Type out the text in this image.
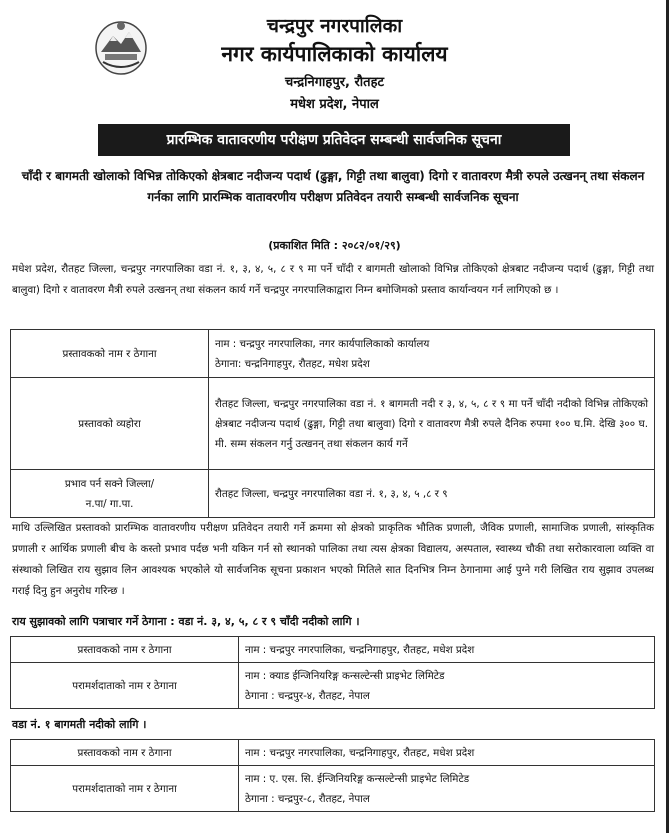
चन्द्रपुर नगरपालिका
नगर कार्यपालिकाको कार्यालय
चन्द्रनिगाहपुर, रौतहट
मधेश प्रदेश, नेपाल
प्रारम्भिक वातावरणीय परीक्षण प्रतिवेदन सम्बन्धी सार्वजनिक सूचना
चाँदी र बागमती खोलाको विभिन्न तोकिएको क्षेत्रबाट नदीजन्य पदार्थ (ढुङ्गा, गिट्टी तथा बालुवा) दिगो र वातावरण मैत्री रुपले उत्खनन् तथा संकलन गर्नका लागि प्रारम्भिक वातावरणीय परीक्षण प्रतिवेदन तयारी सम्बन्धी सार्वजनिक सूचना
(प्रकाशित मिति : २०८२/०१/२९)
मधेश प्रदेश, रौतहट जिल्ला, चन्द्रपुर नगरपालिका वडा नं. १, ३, ४, ५, ८ र ९ मा पर्ने चाँदी र बागमती खोलाको विभिन्न तोकिएको क्षेत्रबाट नदीजन्य पदार्थ (ढुङ्गा, गिट्टी तथा बालुवा) दिगो र वातावरण मैत्री रुपले उत्खनन् तथा संकलन कार्य गर्ने चन्द्रपुर नगरपालिकाद्वारा निम्न बमोजिमको प्रस्ताव कार्यान्वयन गर्न लागिएको छ ।
प्रस्तावकको नाम र ठेगाना	नाम : चन्द्रपुर नगरपालिका, नगर कार्यपालिकाको कार्यालय
ठेगाना: चन्द्रनिगाहपुर, रौतहट, मधेश प्रदेश

प्रस्तावको व्यहोरा	रौतहट जिल्ला, चन्द्रपुर नगरपालिका वडा नं. १ बागमती नदी र ३, ४, ५, ८ र ९ मा पर्ने चाँदी नदीको विभिन्न तोकिएको क्षेत्रबाट नदीजन्य पदार्थ (ढुङ्गा, गिट्टी तथा बालुवा) दिगो र वातावरण मैत्री रुपले दैनिक रुपमा १०० घ.मि. देखि ३०० घ. मी. सम्म संकलन गर्नु उत्खनन् तथा संकलन कार्य गर्ने

प्रभाव पर्न सक्ने जिल्ला/
न.पा/ गा.पा.	रौतहट जिल्ला, चन्द्रपुर नगरपालिका वडा नं. १, ३, ४, ५ ,८ र ९
माथि उल्लिखित प्रस्तावको प्रारम्भिक वातावरणीय परीक्षण प्रतिवेदन तयारी गर्ने क्रममा सो क्षेत्रको प्राकृतिक भौतिक प्रणाली, जैविक प्रणाली, सामाजिक प्रणाली, सांस्कृतिक प्रणाली र आर्थिक प्रणाली बीच के कस्तो प्रभाव पर्दछ भनी यकिन गर्न सो स्थानको पालिका तथा त्यस क्षेत्रका विद्यालय, अस्पताल, स्वास्थ्य चौकी तथा सरोकारवाला व्यक्ति वा संस्थाको लिखित राय सुझाव लिन आवश्यक भएकोले यो सार्वजनिक सूचना प्रकाशन भएको मितिले सात दिनभित्र निम्न ठेगानामा आई पुग्ने गरी लिखित राय सुझाव उपलब्ध गराई दिनु हुन अनुरोध गरिन्छ ।
राय सुझावको लागि पत्राचार गर्ने ठेगाना : वडा नं. ३, ४, ५, ८ र ९ चाँदी नदीको लागि ।
प्रस्तावकको नाम र ठेगाना	नाम : चन्द्रपुर नगरपालिका, चन्द्रनिगाहपुर, रौतहट, मधेश प्रदेश
परामर्शदाताको नाम र ठेगाना	नाम : क्याड ईन्जिनियरिङ्ग कन्सल्टेन्सी प्राइभेट लिमिटेड
ठेगाना : चन्द्रपुर-४, रौतहट, नेपाल
वडा नं. १ बागमती नदीको लागि ।
प्रस्तावकको नाम र ठेगाना	नाम : चन्द्रपुर नगरपालिका, चन्द्रनिगाहपुर, रौतहट, मधेश प्रदेश
परामर्शदाताको नाम र ठेगाना	नाम : ए. एस. सि. ईन्जिनियरिङ्ग कन्सल्टेन्सी प्राइभेट लिमिटेड
ठेगाना : चन्द्रपुर-८, रौतहट, नेपाल
